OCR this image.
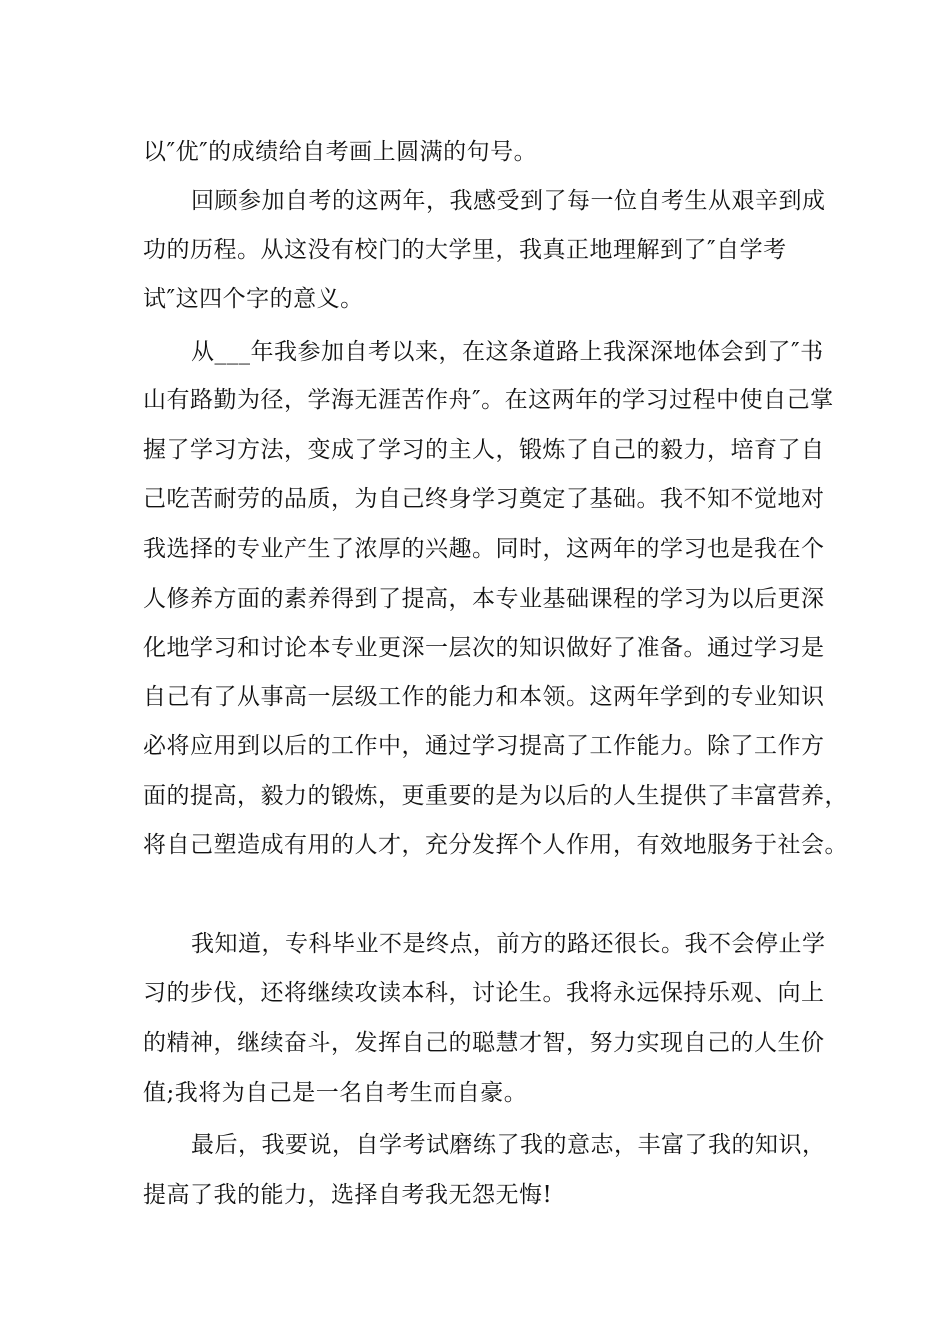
以″优″的成绩给自考画上圆满的句号。
回顾参加自考的这两年，我感受到了每一位自考生从艰辛到成
功的历程。从这没有校门的大学里，我真正地理解到了″自学考
试″这四个字的意义。
从___年我参加自考以来，在这条道路上我深深地体会到了″书
山有路勤为径，学海无涯苦作舟″。在这两年的学习过程中使自己掌
握了学习方法，变成了学习的主人，锻炼了自己的毅力，培育了自
己吃苦耐劳的品质，为自己终身学习奠定了基础。我不知不觉地对
我选择的专业产生了浓厚的兴趣。同时，这两年的学习也是我在个
人修养方面的素养得到了提高，本专业基础课程的学习为以后更深
化地学习和讨论本专业更深一层次的知识做好了准备。通过学习是
自己有了从事高一层级工作的能力和本领。这两年学到的专业知识
必将应用到以后的工作中，通过学习提高了工作能力。除了工作方
面的提高，毅力的锻炼，更重要的是为以后的人生提供了丰富营养，
将自己塑造成有用的人才，充分发挥个人作用，有效地服务于社会。
我知道，专科毕业不是终点，前方的路还很长。我不会停止学
习的步伐，还将继续攻读本科，讨论生。我将永远保持乐观、向上
的精神，继续奋斗，发挥自己的聪慧才智，努力实现自己的人生价
值;我将为自己是一名自考生而自豪。
最后，我要说，自学考试磨练了我的意志，丰富了我的知识，
提高了我的能力，选择自考我无怨无悔!
